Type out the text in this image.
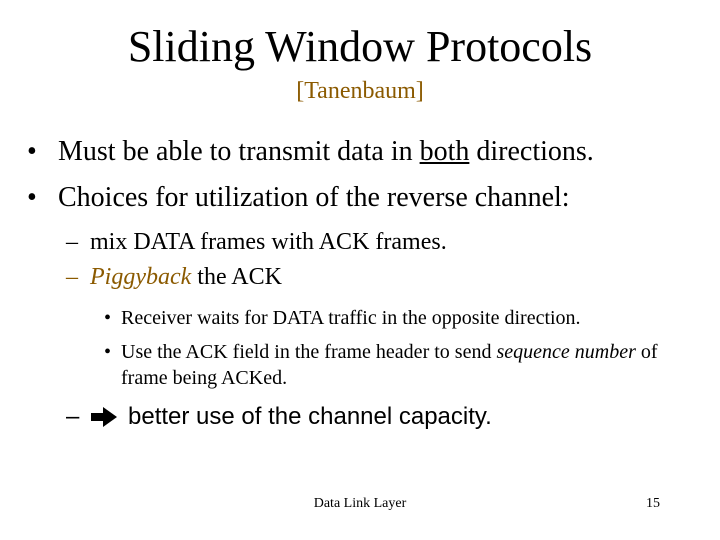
Sliding Window Protocols
[Tanenbaum]
• Must be able to transmit data in both directions.
• Choices for utilization of the reverse channel:
– mix DATA frames with ACK frames.
– Piggyback the ACK
• Receiver waits for DATA traffic in the opposite direction.
• Use the ACK field in the frame header to send sequence number of frame being ACKed.
– better use of the channel capacity.
Data Link Layer	15
